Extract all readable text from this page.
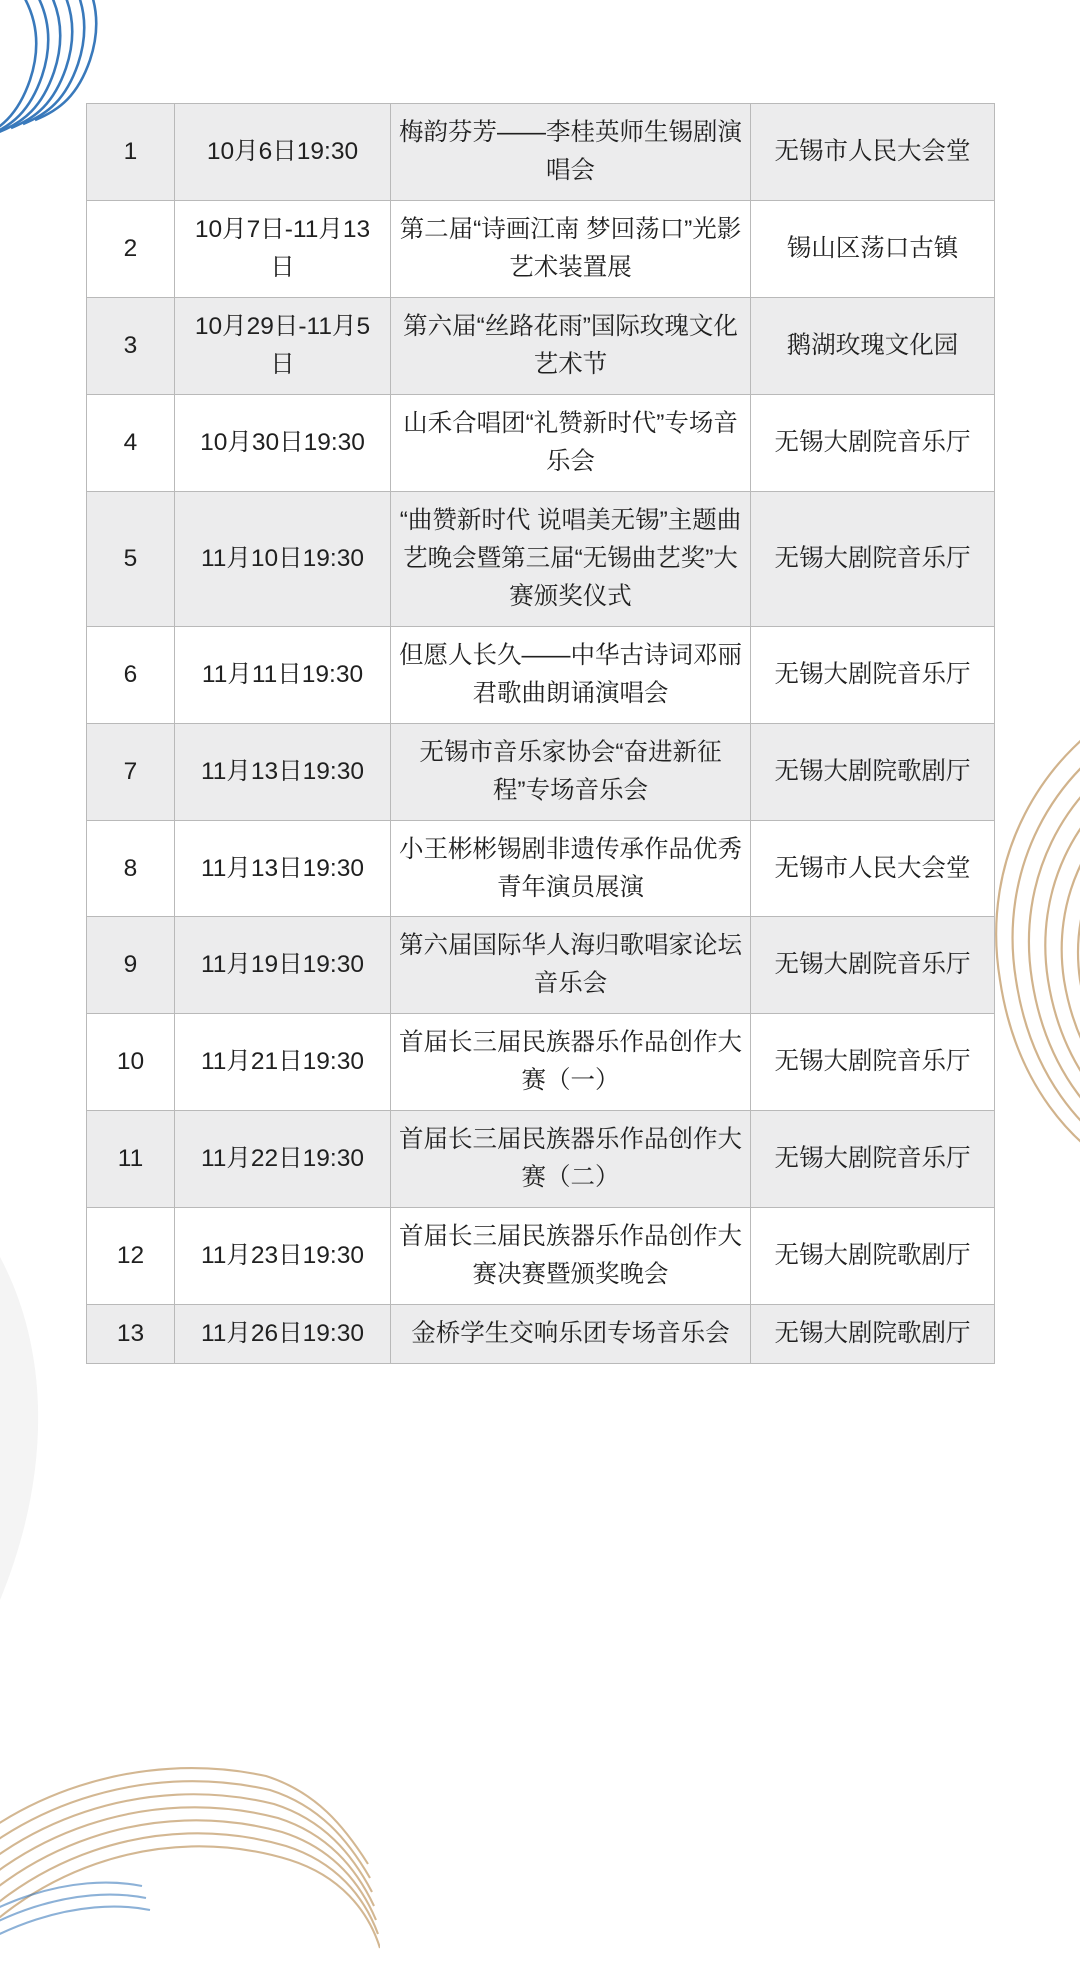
1	10月6日19:30	梅韵芬芳——李桂英师生锡剧演唱会	无锡市人民大会堂
2	10月7日-11月13日	第二届“诗画江南 梦回荡口”光影艺术装置展	锡山区荡口古镇
3	10月29日-11月5日	第六届“丝路花雨”国际玫瑰文化艺术节	鹅湖玫瑰文化园
4	10月30日19:30	山禾合唱团“礼赞新时代”专场音乐会	无锡大剧院音乐厅
5	11月10日19:30	“曲赞新时代 说唱美无锡”主题曲艺晚会暨第三届“无锡曲艺奖”大赛颁奖仪式	无锡大剧院音乐厅
6	11月11日19:30	但愿人长久——中华古诗词邓丽君歌曲朗诵演唱会	无锡大剧院音乐厅
7	11月13日19:30	无锡市音乐家协会“奋进新征程”专场音乐会	无锡大剧院歌剧厅
8	11月13日19:30	小王彬彬锡剧非遗传承作品优秀青年演员展演	无锡市人民大会堂
9	11月19日19:30	第六届国际华人海归歌唱家论坛音乐会	无锡大剧院音乐厅
10	11月21日19:30	首届长三届民族器乐作品创作大赛（一）	无锡大剧院音乐厅
11	11月22日19:30	首届长三届民族器乐作品创作大赛（二）	无锡大剧院音乐厅
12	11月23日19:30	首届长三届民族器乐作品创作大赛决赛暨颁奖晚会	无锡大剧院歌剧厅
13	11月26日19:30	金桥学生交响乐团专场音乐会	无锡大剧院歌剧厅
